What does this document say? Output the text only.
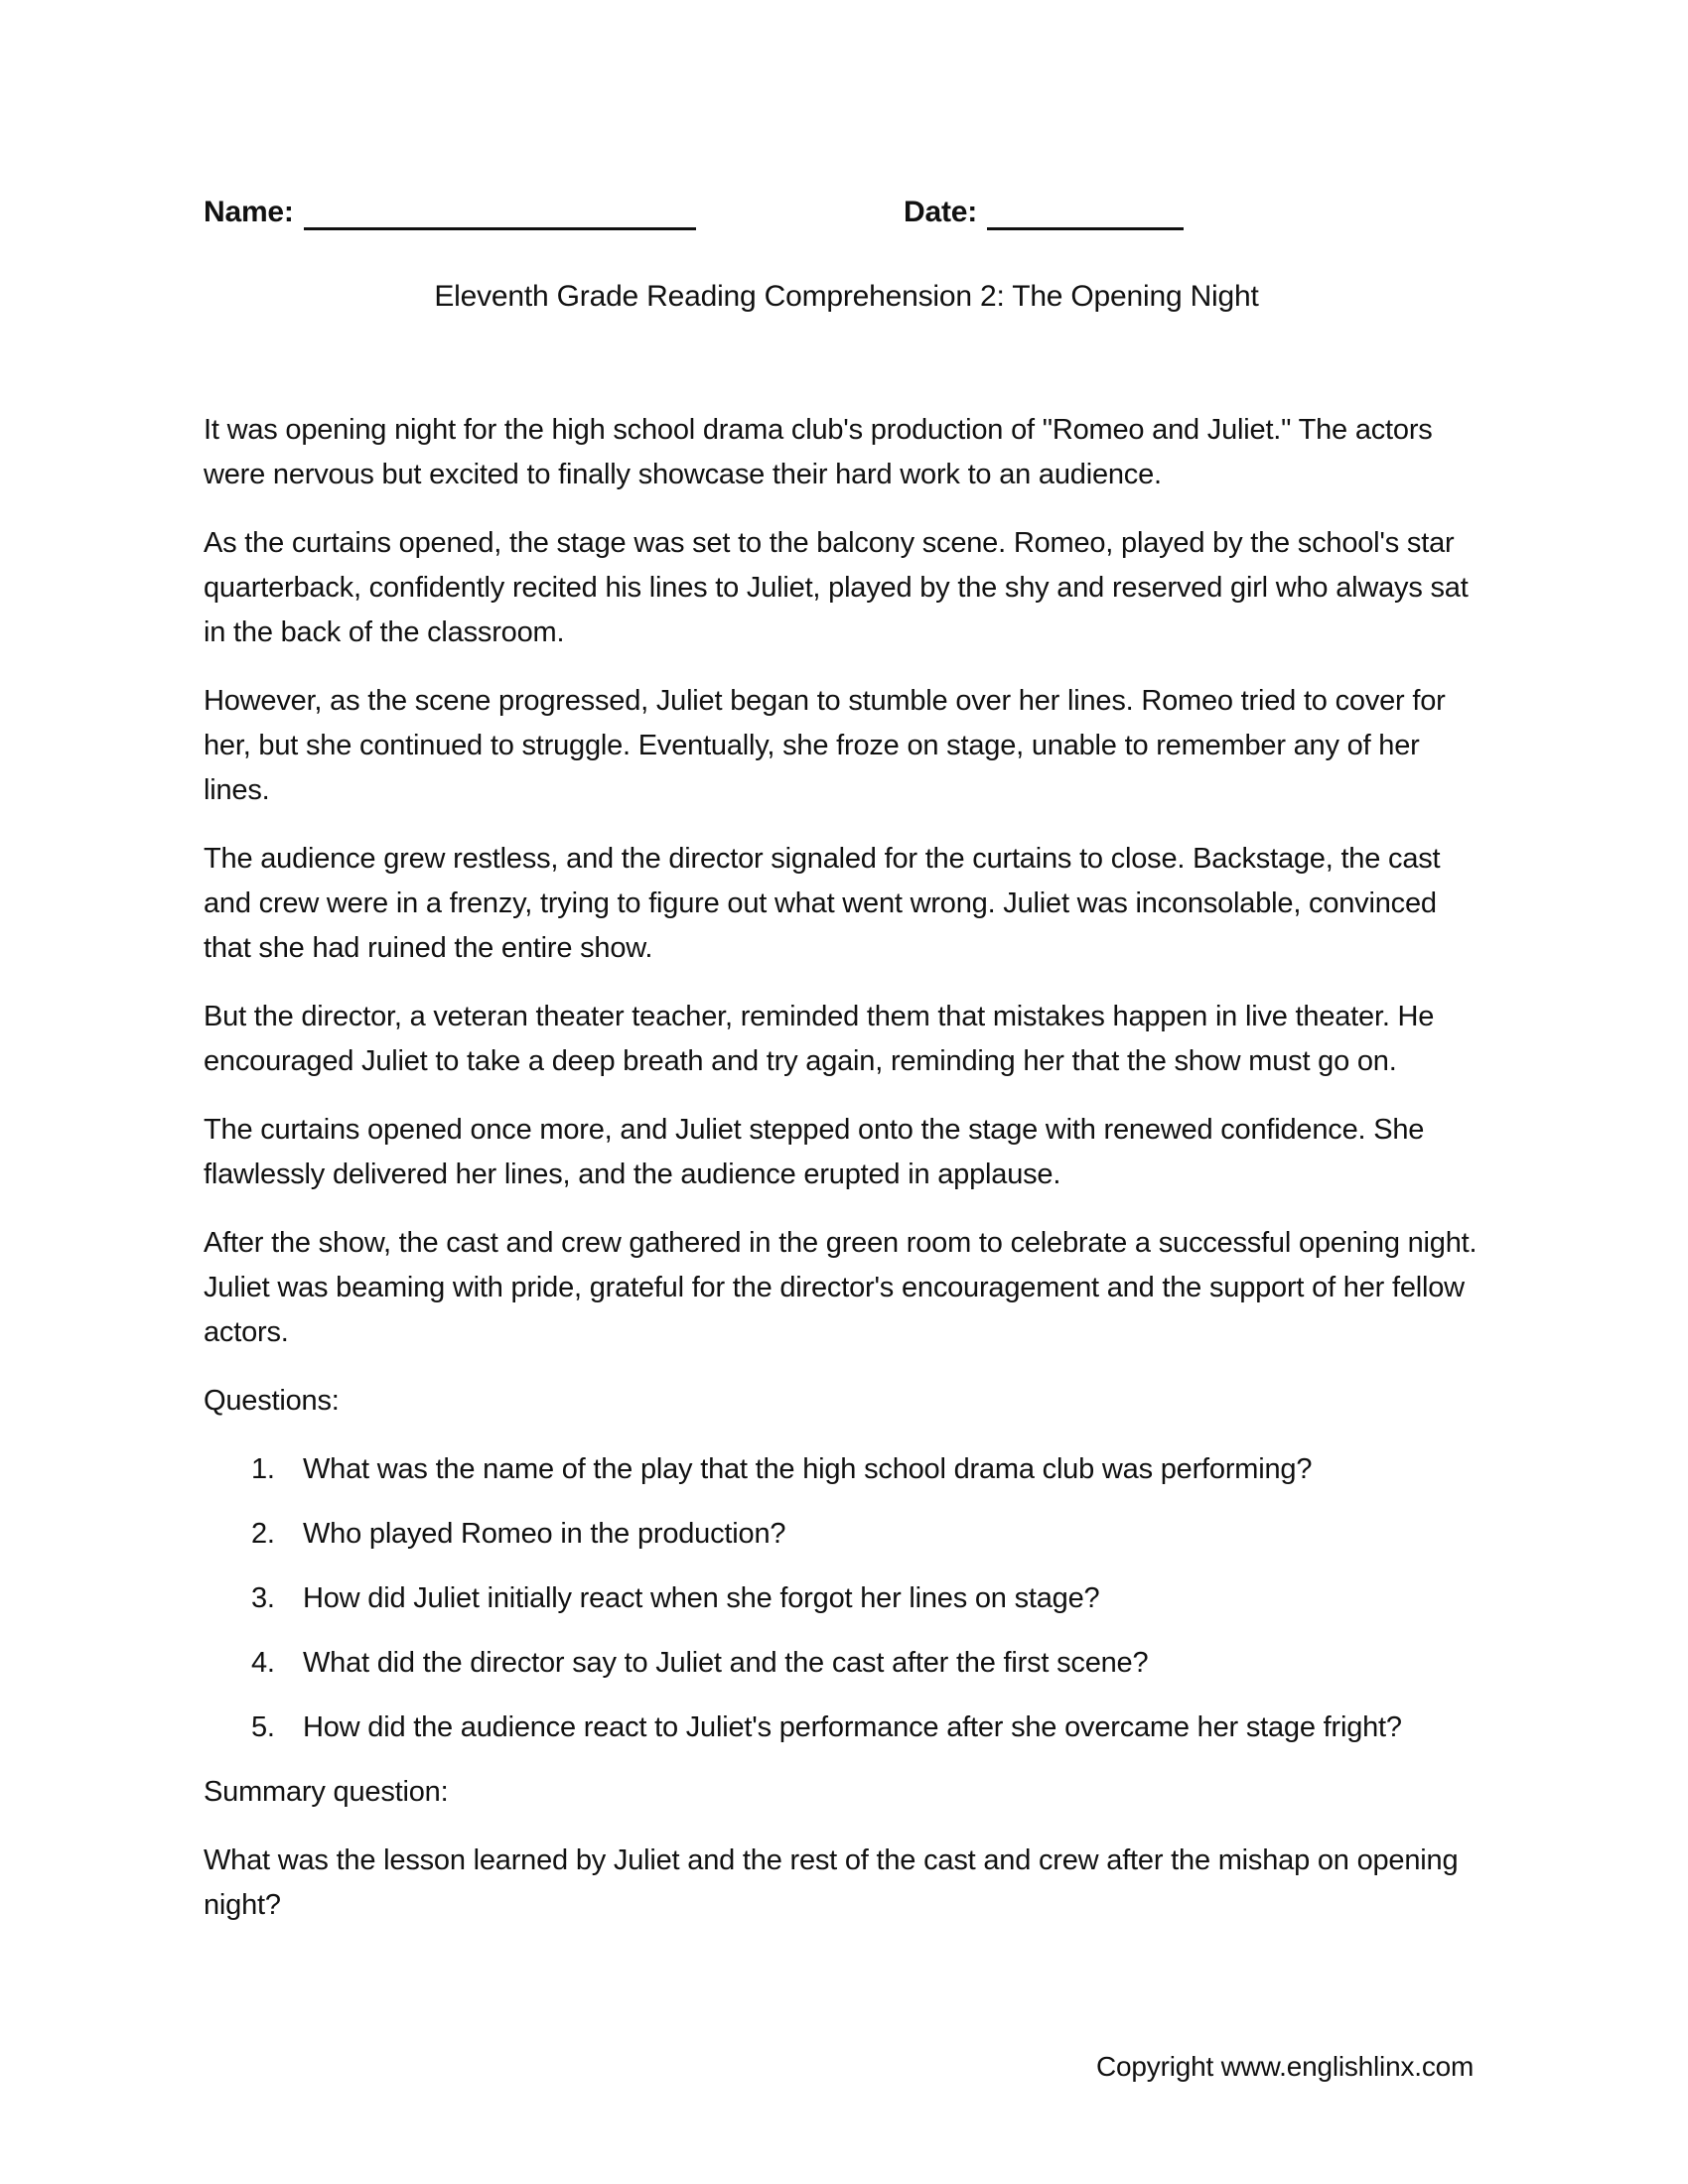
Name:	Date:
Eleventh Grade Reading Comprehension 2: The Opening Night

It was opening night for the high school drama club's production of "Romeo and Juliet." The actors were nervous but excited to finally showcase their hard work to an audience.

As the curtains opened, the stage was set to the balcony scene. Romeo, played by the school's star quarterback, confidently recited his lines to Juliet, played by the shy and reserved girl who always sat in the back of the classroom.

However, as the scene progressed, Juliet began to stumble over her lines. Romeo tried to cover for her, but she continued to struggle. Eventually, she froze on stage, unable to remember any of her lines.

The audience grew restless, and the director signaled for the curtains to close. Backstage, the cast and crew were in a frenzy, trying to figure out what went wrong. Juliet was inconsolable, convinced that she had ruined the entire show.

But the director, a veteran theater teacher, reminded them that mistakes happen in live theater. He encouraged Juliet to take a deep breath and try again, reminding her that the show must go on.

The curtains opened once more, and Juliet stepped onto the stage with renewed confidence. She flawlessly delivered her lines, and the audience erupted in applause.

After the show, the cast and crew gathered in the green room to celebrate a successful opening night. Juliet was beaming with pride, grateful for the director's encouragement and the support of her fellow actors.

Questions:
1. What was the name of the play that the high school drama club was performing?
2. Who played Romeo in the production?
3. How did Juliet initially react when she forgot her lines on stage?
4. What did the director say to Juliet and the cast after the first scene?
5. How did the audience react to Juliet's performance after she overcame her stage fright?
Summary question:

What was the lesson learned by Juliet and the rest of the cast and crew after the mishap on opening night?

Copyright www.englishlinx.com
